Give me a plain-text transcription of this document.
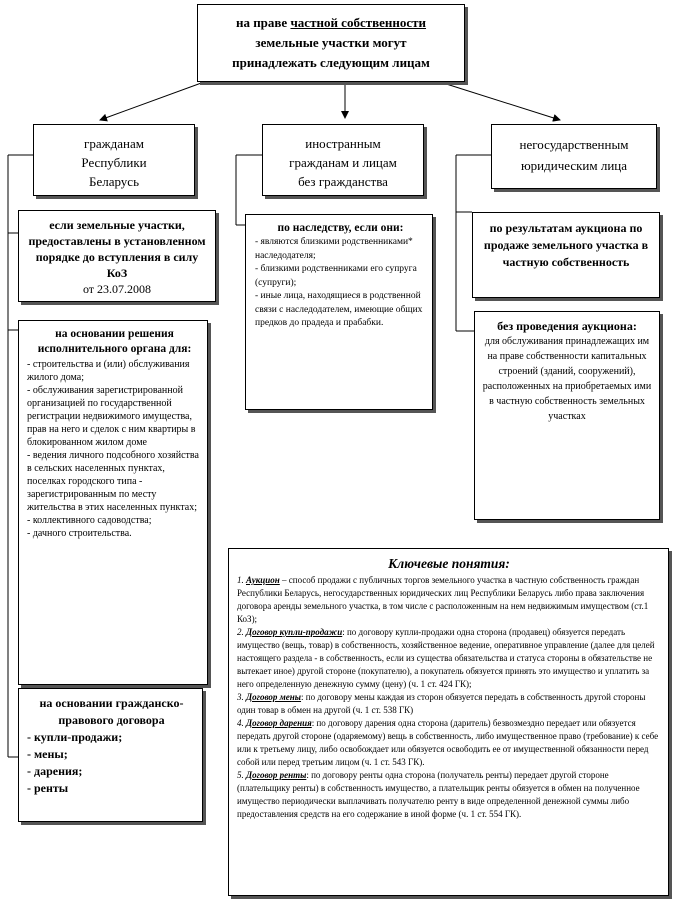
на праве частной собственности
земельные участки могут
принадлежать следующим лицам
гражданам
Республики
Беларусь
иностранным
гражданам и лицам
без гражданства
негосударственным
юридическим лица
если земельные участки, предоставлены в установленном порядке до вступления в силу КоЗ
от 23.07.2008
на основании решения исполнительного органа для:
- строительства и (или) обслуживания жилого дома;
- обслуживания зарегистрированной организацией по государственной регистрации недвижимого имущества, прав на него и сделок с ним квартиры в блокированном жилом доме
- ведения личного подсобного хозяйства в сельских населенных пунктах, поселках городского типа - зарегистрированным по месту жительства в этих населенных пунктах;
- коллективного садоводства;
- дачного строительства.
на основании гражданско-правового договора
- купли-продажи;
- мены;
- дарения;
- ренты
по наследству, если они:
- являются близкими родственниками* наследодателя;
- близкими родственниками его супруга (супруги);
- иные лица, находящиеся в родственной связи с наследодателем, имеющие общих предков до прадеда и прабабки.
по результатам аукциона по продаже земельного участка в частную собственность
без проведения аукциона:
для обслуживания принадлежащих им на праве собственности капитальных строений (зданий, сооружений), расположенных на приобретаемых ими в частную собственность земельных участках
Ключевые понятия:

1. Аукцион – способ продажи с публичных торгов земельного участка в частную собственность граждан Республики Беларусь, негосударственных юридических лиц Республики Беларусь либо права заключения договора аренды земельного участка, в том числе с расположенным на нем недвижимым имуществом (ст.1 КоЗ);

2. Договор купли-продажи: по договору купли-продажи одна сторона (продавец) обязуется передать имущество (вещь, товар) в собственность, хозяйственное ведение, оперативное управление (далее для целей настоящего раздела - в собственность, если из существа обязательства и статуса стороны в обязательстве не вытекает иное) другой стороне (покупателю), а покупатель обязуется принять это имущество и уплатить за него определенную денежную сумму (цену) (ч. 1 ст. 424 ГК);

3. Договор мены: по договору мены каждая из сторон обязуется передать в собственность другой стороны один товар в обмен на другой (ч. 1 ст. 538 ГК)

4. Договор дарения: по договору дарения одна сторона (даритель) безвозмездно передает или обязуется передать другой стороне (одаряемому) вещь в собственность, либо имущественное право (требование) к себе или к третьему лицу, либо освобождает или обязуется освободить ее от имущественной обязанности перед собой или перед третьим лицом (ч. 1 ст. 543 ГК).

5. Договор ренты: по договору ренты одна сторона (получатель ренты) передает другой стороне (плательщику ренты) в собственность имущество, а плательщик ренты обязуется в обмен на полученное имущество периодически выплачивать получателю ренту в виде определенной денежной суммы либо предоставления средств на его содержание в иной форме (ч. 1 ст. 554 ГК).
